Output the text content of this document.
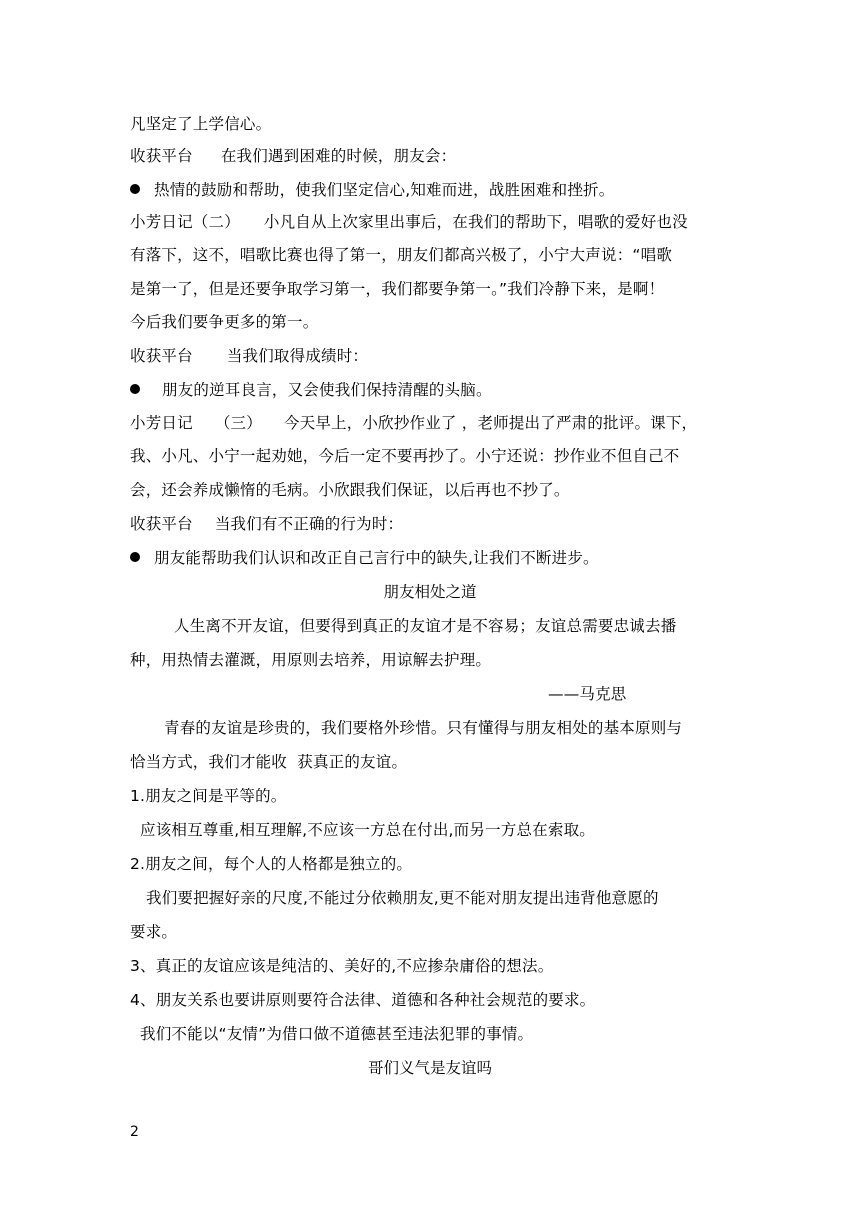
凡坚定了上学信心。
收获平台 在我们遇到困难的时候，朋友会：
热情的鼓励和帮助，使我们坚定信心,知难而进，战胜困难和挫折。
小芳日记（二） 小凡自从上次家里出事后，在我们的帮助下，唱歌的爱好也没
有落下，这不，唱歌比赛也得了第一，朋友们都高兴极了，小宁大声说：“唱歌
是第一了，但是还要争取学习第一，我们都要争第一。”我们冷静下来，是啊！
今后我们要争更多的第一。
收获平台 当我们取得成绩时：
朋友的逆耳良言，又会使我们保持清醒的头脑。
小芳日记 （三） 今天早上，小欣抄作业了 ，老师提出了严肃的批评。课下，
我、小凡、小宁一起劝她，今后一定不要再抄了。小宁还说：抄作业不但自己不
会，还会养成懒惰的毛病。小欣跟我们保证，以后再也不抄了。
收获平台 当我们有不正确的行为时：
朋友能帮助我们认识和改正自己言行中的缺失,让我们不断进步。
朋友相处之道
人生离不开友谊，但要得到真正的友谊才是不容易；友谊总需要忠诚去播
种，用热情去灌溉，用原则去培养，用谅解去护理。
——马克思
青春的友谊是珍贵的，我们要格外珍惜。只有懂得与朋友相处的基本原则与
恰当方式，我们才能收  获真正的友谊。
1.朋友之间是平等的。
应该相互尊重,相互理解,不应该一方总在付出,而另一方总在索取。
2.朋友之间，每个人的人格都是独立的。
我们要把握好亲的尺度,不能过分依赖朋友,更不能对朋友提出违背他意愿的
要求。
3、真正的友谊应该是纯洁的、美好的,不应掺杂庸俗的想法。
4、朋友关系也要讲原则要符合法律、道德和各种社会规范的要求。
我们不能以“友情”为借口做不道德甚至违法犯罪的事情。
哥们义气是友谊吗
2
